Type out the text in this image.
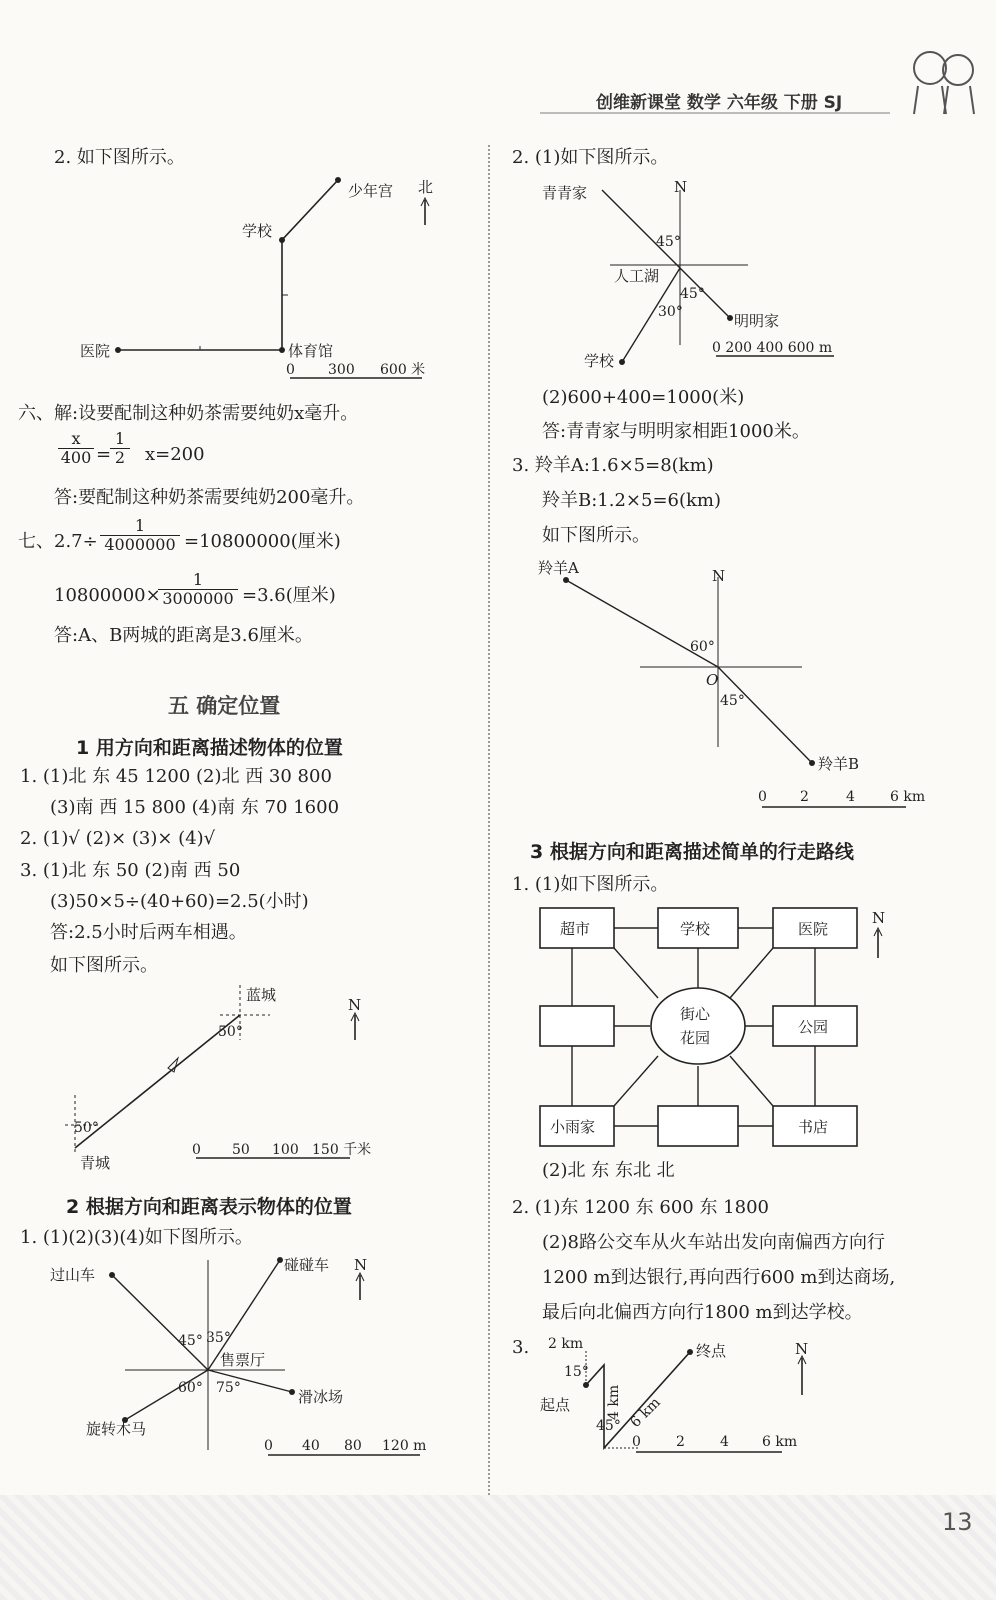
创维新课堂 数学 六年级 下册 SJ
2. 如下图所示。
少年宫 北
学校
医院	体育馆
0 300 600 米
六、解:设要配制这种奶茶需要纯奶x毫升。
$\frac{x}{400}$ =
$\frac{1}{2} x=200$
答:要配制这种奶茶需要纯奶200毫升。
七、$2.7\div \frac{1}{4000000} =10800000$(厘米)
10800000×
$\frac{1}{3000000} =3.6$(厘米)
答:A、B两城的距离是3.6厘米。
五 确定位置
1 用方向和距离描述物体的位置
1. (1)北 东 45 1200 (2)北 西 30 800
(3)南 西 15 800 (4)南 东 70 1600
2. (1)√ (2)× (3)× (4)√
3. (1)北 东 50 (2)南 西 50
(3)50×5÷(40+60)=2.5(小时)
答:2.5小时后两车相遇。
如下图所示。
N
蓝城
50°
50°
青城
0 50 100 150 千米
2 根据方向和距离表示物体的位置
1. (1)(2)(3)(4)如下图所示。
N
过山车
碰碰车
45° 35°
售票厅
60° 75°	滑冰场
旋转木马
0 40 80 120 m
2. (1)如下图所示。
N
青青家
45°
人工湖
45°
30°	明明家
学校
0 200 400 600 m
(2)600+400=1000(米)
答:青青家与明明家相距1000米。
3. 羚羊A:1.6×5=8(km)
羚羊B:1.2×5=6(km)
如下图所示。
N
羚羊A
60°
O
45°
羚羊B
0 2	4	6 km
3 根据方向和距离描述简单的行走路线
1. (1)如下图所示。
N
超市	学校	医院
街心
花园
公园
小雨家	书店
(2)北 东 东北 北
2. (1)东 1200 东 600 东 1800
(2)8路公交车从火车站出发向南偏西方向行
1200 m到达银行,再向西行600 m到达商场,
最后向北偏西方向行1800 m到达学校。
3. 2 km
15°
起点	4 km
45° 6 km
终点	N
0	2	4 6 km
13
